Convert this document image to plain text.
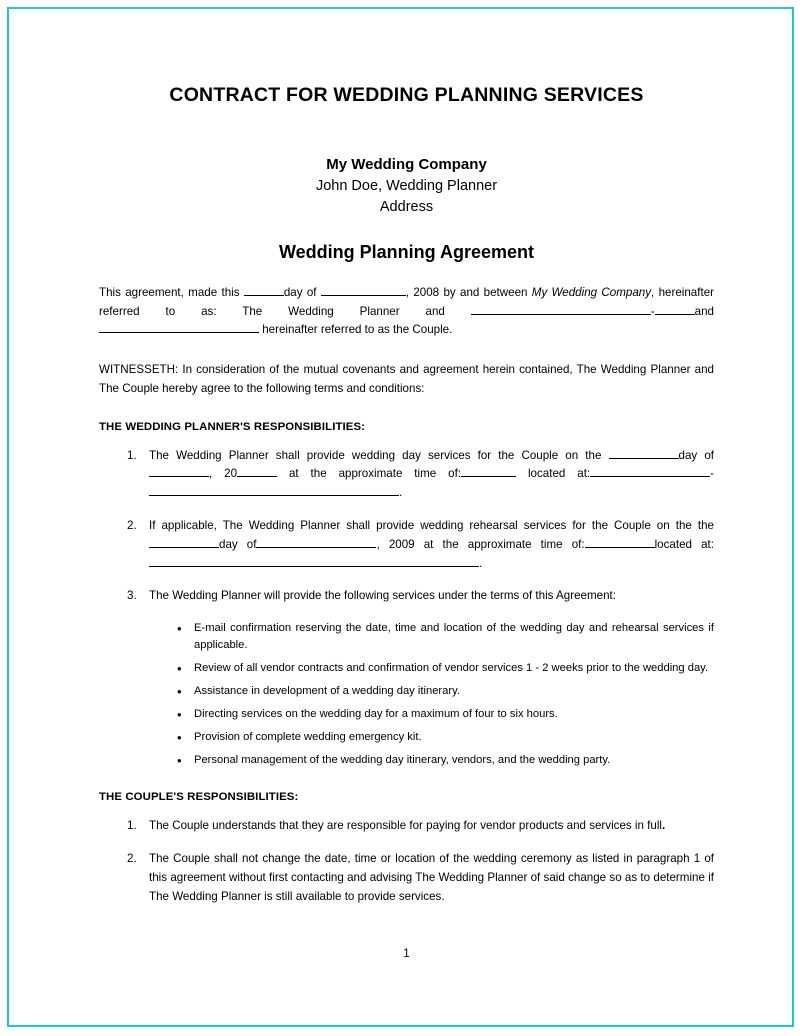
CONTRACT FOR WEDDING PLANNING SERVICES
My Wedding Company
John Doe, Wedding Planner
Address
Wedding Planning Agreement

This agreement, made this	day of	, 2008 by and between My Wedding Company, hereinafter referred to as: The Wedding Planner and	-	and hereinafter referred to as the Couple.

WITNESSETH: In consideration of the mutual covenants and agreement herein contained, The Wedding Planner and The Couple hereby agree to the following terms and conditions:

THE WEDDING PLANNER'S RESPONSIBILITIES:
The Wedding Planner shall provide wedding day services for the Couple on the	day of , 20	at the approximate time of:	located at:	-.
If applicable, The Wedding Planner shall provide wedding rehearsal services for the Couple on the theday of	, 2009 at the approximate time of:	located at:.
The Wedding Planner will provide the following services under the terms of this Agreement:
• E-mail confirmation reserving the date, time and location of the wedding day and rehearsal services if applicable.
• Review of all vendor contracts and confirmation of vendor services 1 - 2 weeks prior to the wedding day.
• Assistance in development of a wedding day itinerary.
• Directing services on the wedding day for a maximum of four to six hours.
• Provision of complete wedding emergency kit.
• Personal management of the wedding day itinerary, vendors, and the wedding party.
THE COUPLE'S RESPONSIBILITIES:
The Couple understands that they are responsible for paying for vendor products and services in full.
The Couple shall not change the date, time or location of the wedding ceremony as listed in paragraph 1 of this agreement without first contacting and advising The Wedding Planner of said change so as to determine if The Wedding Planner is still available to provide services.
1
